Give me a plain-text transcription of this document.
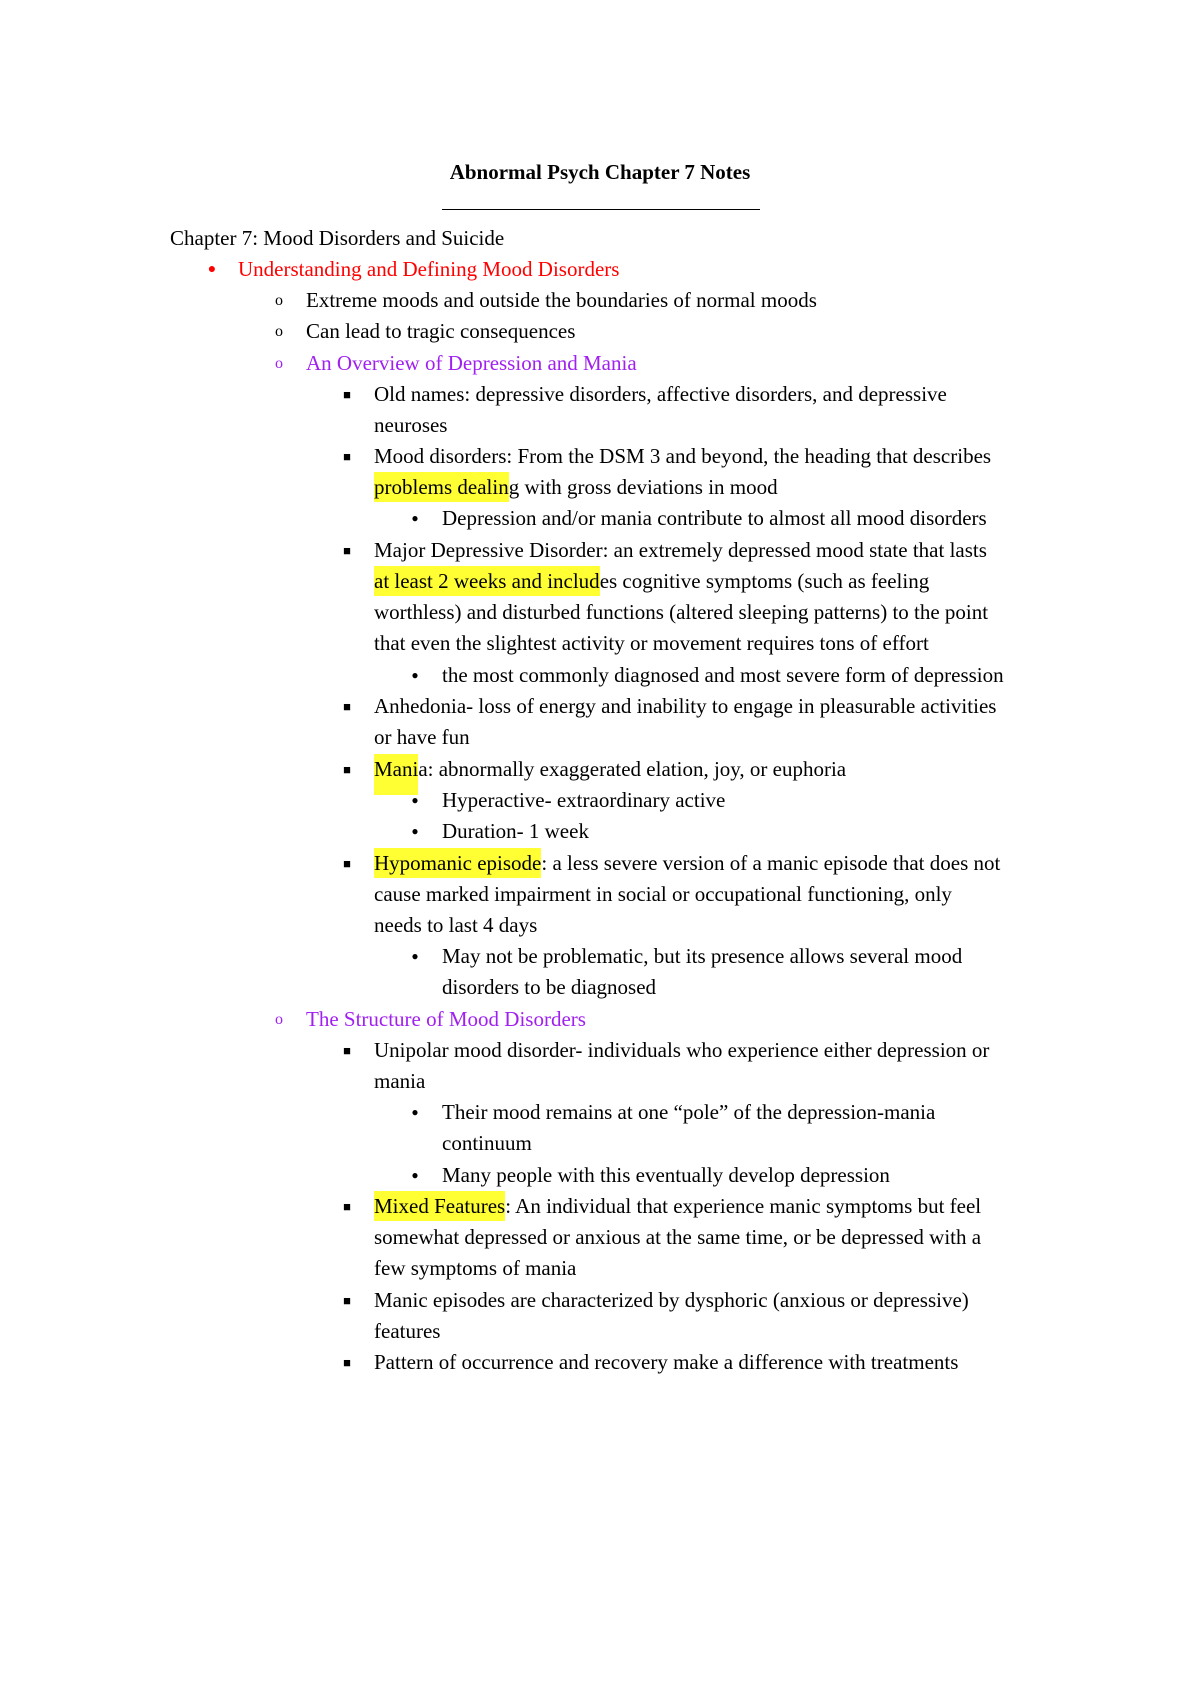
Abnormal Psych Chapter 7 Notes
Chapter 7: Mood Disorders and Suicide
● Understanding and Defining Mood Disorders
o Extreme moods and outside the boundaries of normal moods
o Can lead to tragic consequences
o An Overview of Depression and Mania
■ Old names: depressive disorders, affective disorders, and depressive
neuroses
■ Mood disorders: From the DSM 3 and beyond, the heading that describes
problems dealing with gross deviations in mood
●	Depression and/or mania contribute to almost all mood disorders
■ Major Depressive Disorder: an extremely depressed mood state that lasts
at least 2 weeks and includes cognitive symptoms (such as feeling
worthless) and disturbed functions (altered sleeping patterns) to the point
that even the slightest activity or movement requires tons of effort
●	the most commonly diagnosed and most severe form of depression
■ Anhedonia- loss of energy and inability to engage in pleasurable activities
or have fun
■ Mania: abnormally exaggerated elation, joy, or euphoria
●	Hyperactive- extraordinary active
●	Duration- 1 week
■ Hypomanic episode: a less severe version of a manic episode that does not
cause marked impairment in social or occupational functioning, only
needs to last 4 days
●	May not be problematic, but its presence allows several mood
disorders to be diagnosed
o The Structure of Mood Disorders
■ Unipolar mood disorder- individuals who experience either depression or
mania
●	Their mood remains at one “pole” of the depression-mania
continuum
●	Many people with this eventually develop depression
■ Mixed Features: An individual that experience manic symptoms but feel
somewhat depressed or anxious at the same time, or be depressed with a
few symptoms of mania
■ Manic episodes are characterized by dysphoric (anxious or depressive)
features
■ Pattern of occurrence and recovery make a difference with treatments
